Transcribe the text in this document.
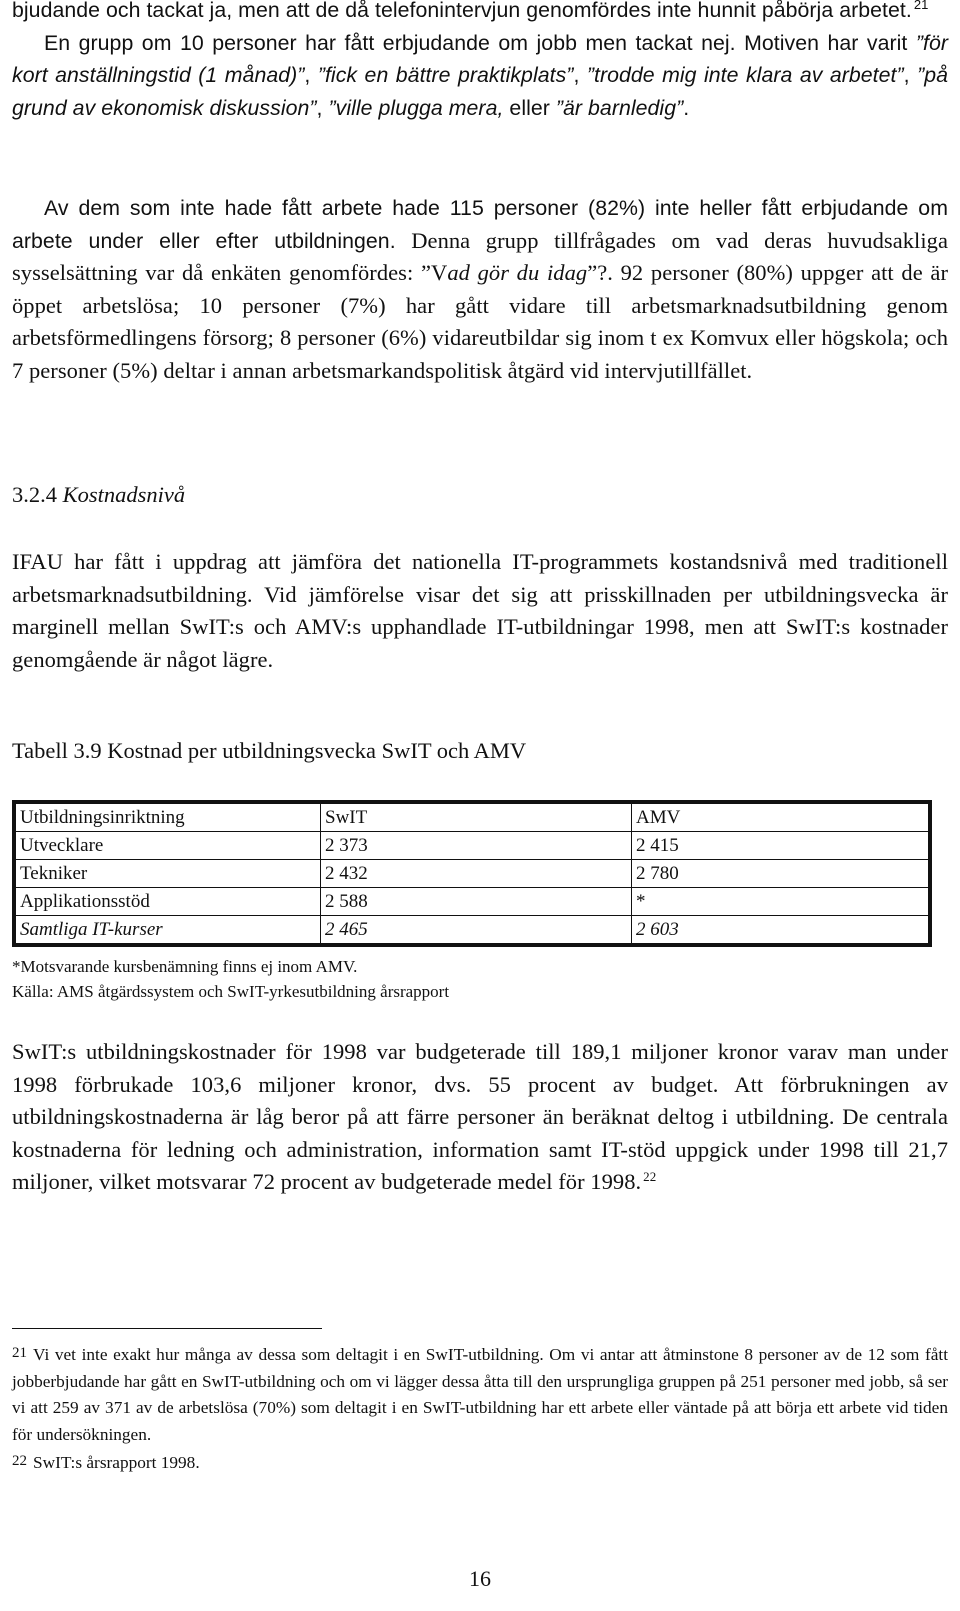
bjudande och tackat ja, men att de då telefonintervjun genomfördes inte hunnit påbörja arbetet. $^{21}$

En grupp om 10 personer har fått erbjudande om jobb men tackat nej. Motiven har varit ”för kort anställningstid (1 månad)”, ”fick en bättre praktikplats”, ”trodde mig inte klara av arbetet”, ”på grund av ekonomisk diskussion”, ”ville plugga mera, eller ”är barnledig”.

Av dem som inte hade fått arbete hade 115 personer (82%) inte heller fått erbjudande om arbete under eller efter utbildningen. Denna grupp tillfrågades om vad deras huvudsakliga sysselsättning var då enkäten genomfördes: ”Vad gör du idag”?. 92 personer (80%) uppger att de är öppet arbetslösa; 10 personer (7%) har gått vidare till arbetsmarknadsutbildning genom arbetsförmedlingens försorg; 8 personer (6%) vidareutbildar sig inom t ex Komvux eller högskola; och 7 personer (5%) deltar i annan arbetsmarkandspolitisk åtgärd vid intervjutillfället.

3.2.4 Kostnadsnivå

IFAU har fått i uppdrag att jämföra det nationella IT-programmets kostandsnivå med traditionell arbetsmarknadsutbildning. Vid jämförelse visar det sig att prisskillnaden per utbildningsvecka är marginell mellan SwIT:s och AMV:s upphandlade IT-utbildningar 1998, men att SwIT:s kostnader genomgående är något lägre.

Tabell 3.9 Kostnad per utbildningsvecka SwIT och AMV
Utbildningsinriktning	SwIT	AMV
Utvecklare	2 373	2 415
Tekniker	2 432	2 780
Applikationsstöd	2 588	*
Samtliga IT-kurser	2 465	2 603
*Motsvarande kursbenämning finns ej inom AMV.
Källa: AMS åtgärdssystem och SwIT-yrkesutbildning årsrapport

SwIT:s utbildningskostnader för 1998 var budgeterade till 189,1 miljoner kronor varav man under 1998 förbrukade 103,6 miljoner kronor, dvs. 55 procent av budget. Att förbrukningen av utbildningskostnaderna är låg beror på att färre personer än beräknat deltog i utbildning. De centrala kostnaderna för ledning och administration, information samt IT-stöd uppgick under 1998 till 21,7 miljoner, vilket motsvarar 72 procent av budgeterade medel för 1998. $^{22}$

21 Vi vet inte exakt hur många av dessa som deltagit i en SwIT-utbildning. Om vi antar att åtminstone 8 personer av de 12 som fått jobberbjudande har gått en SwIT-utbildning och om vi lägger dessa åtta till den ursprungliga gruppen på 251 personer med jobb, så ser vi att 259 av 371 av de arbetslösa (70%) som deltagit i en SwIT-utbildning har ett arbete eller väntade på att börja ett arbete vid tiden för undersökningen.
22 SwIT:s årsrapport 1998.
16
